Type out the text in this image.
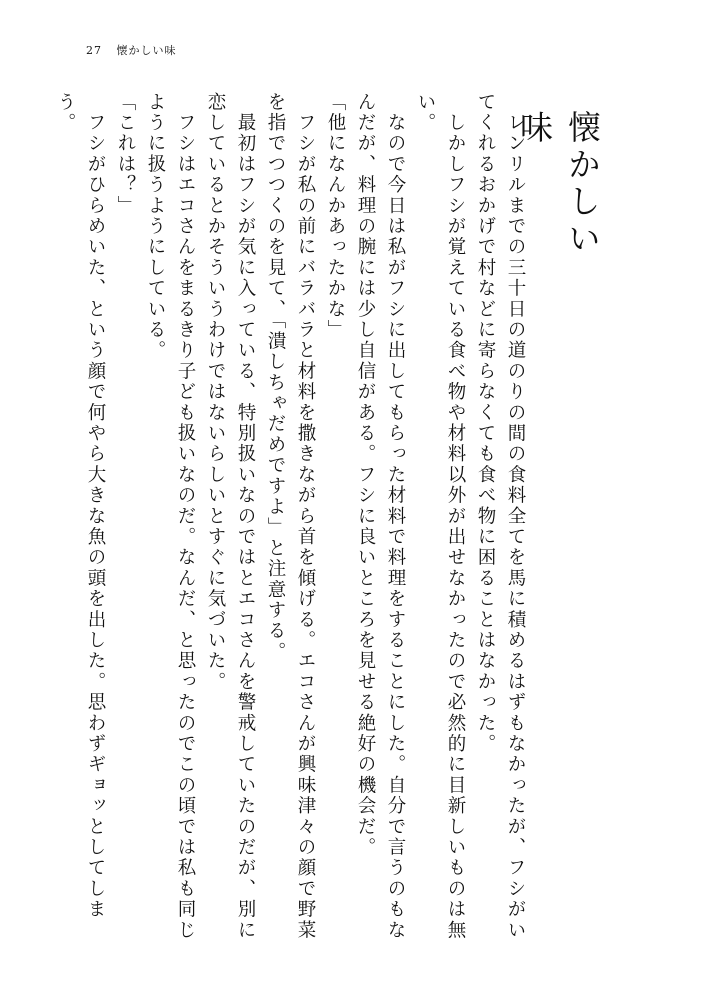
27 懐かしい味
懐かしい味

　レンリルまでの三十日の道のりの間の食料全てを馬に積めるはずもなかったが、フシがいてくれるおかげで村などに寄らなくても食べ物に困ることはなかった。

　しかしフシが覚えている食べ物や材料以外が出せなかったので必然的に目新しいものは無い。

　なので今日は私がフシに出してもらった材料で料理をすることにした。自分で言うのもなんだが、料理の腕には少し自信がある。フシに良いところを見せる絶好の機会だ。

「他になんかあったかな」

　フシが私の前にバラバラと材料を撒きながら首を傾げる。エコさんが興味津々の顔で野菜を指でつつくのを見て、「潰しちゃだめですよ」と注意する。

　最初はフシが気に入っている、特別扱いなのではとエコさんを警戒していたのだが、別に恋しているとかそういうわけではないらしいとすぐに気づいた。

　フシはエコさんをまるきり子ども扱いなのだ。なんだ、と思ったのでこの頃では私も同じように扱うようにしている。

「これは？」

　フシがひらめいた、という顔で何やら大きな魚の頭を出した。思わずギョッとしてしまう。
